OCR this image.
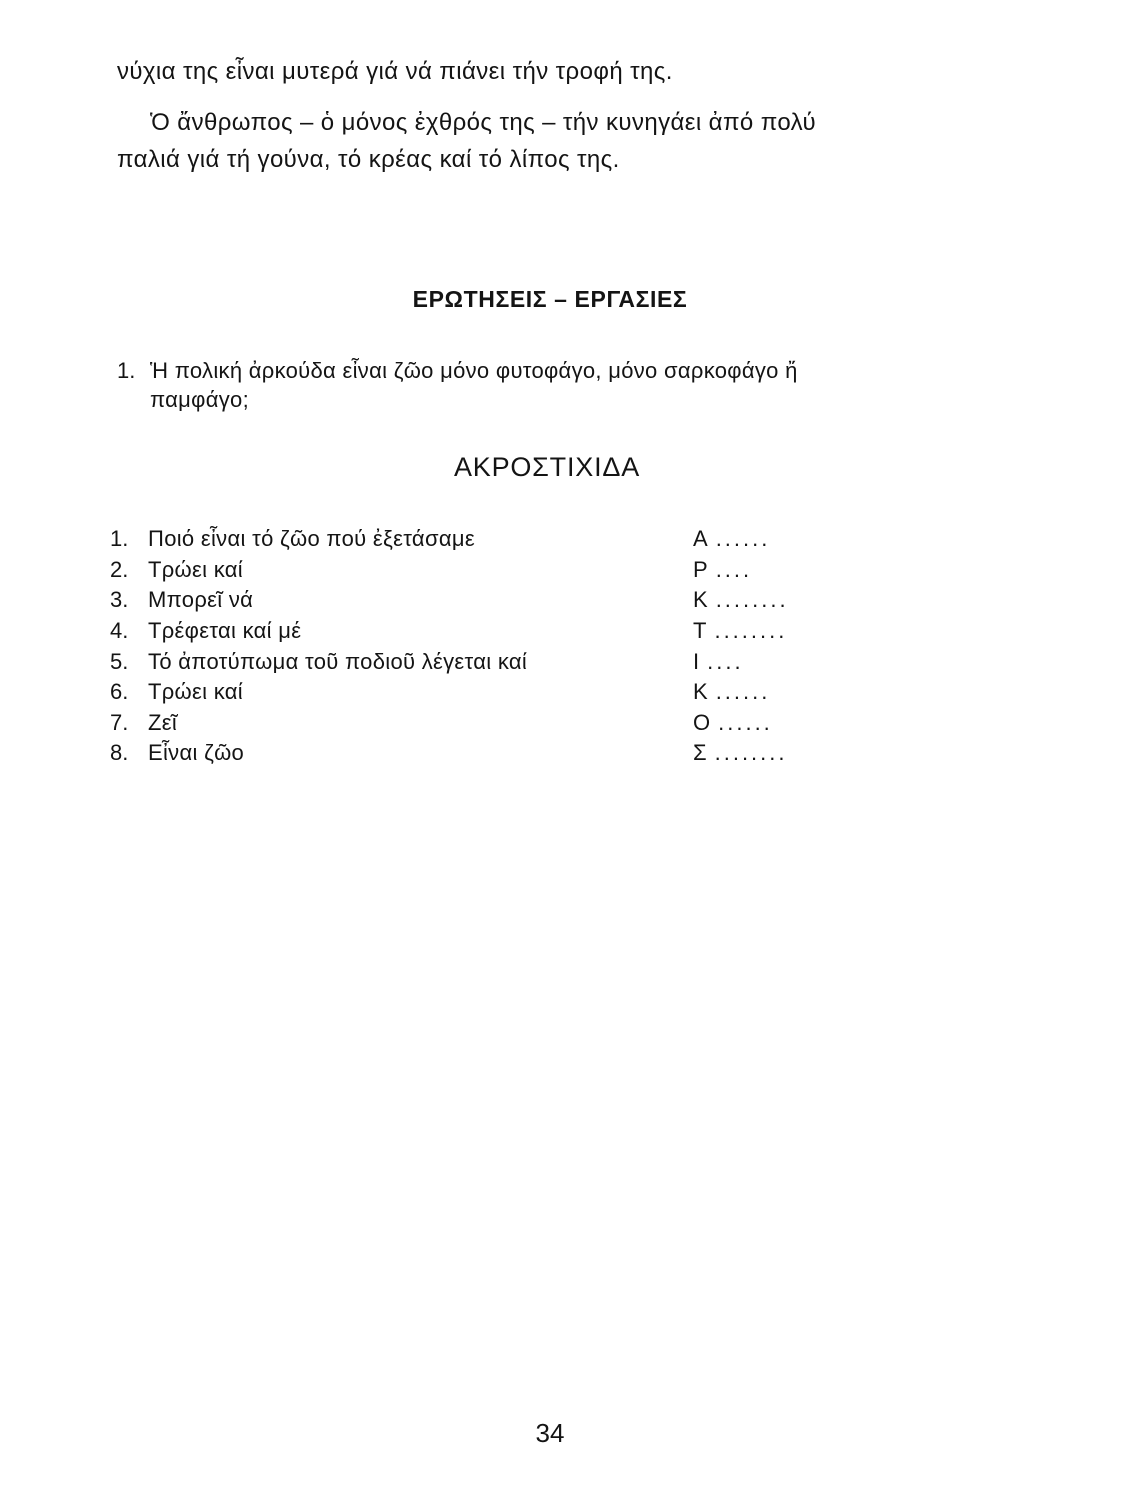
νύχια της εἶναι μυτερά γιά νά πιάνει τήν τροφή της.
Ὁ ἄνθρωπος – ὁ μόνος ἐχθρός της – τήν κυνηγάει ἀπό πολύ
παλιά γιά τή γούνα, τό κρέας καί τό λίπος της.
ΕΡΩΤΗΣΕΙΣ – ΕΡΓΑΣΙΕΣ
1. Ἡ πολική ἀρκούδα εἶναι ζῶο μόνο φυτοφάγο, μόνο σαρκοφάγο ἤ
παμφάγο;
ΑΚΡΟΣΤΙΧΙΔΑ
1. Ποιό εἶναι τό ζῶο πού ἐξετάσαμε	Α ......
2. Τρώει καί	Ρ ....
3. Μπορεῖ νά	Κ ........
4. Τρέφεται καί μέ	Τ ........
5. Τό ἀποτύπωμα τοῦ ποδιοῦ λέγεται καί	Ι ....
6. Τρώει καί	Κ ......
7. Ζεῖ	Ο ......
8. Εἶναι ζῶο	Σ ........
34
